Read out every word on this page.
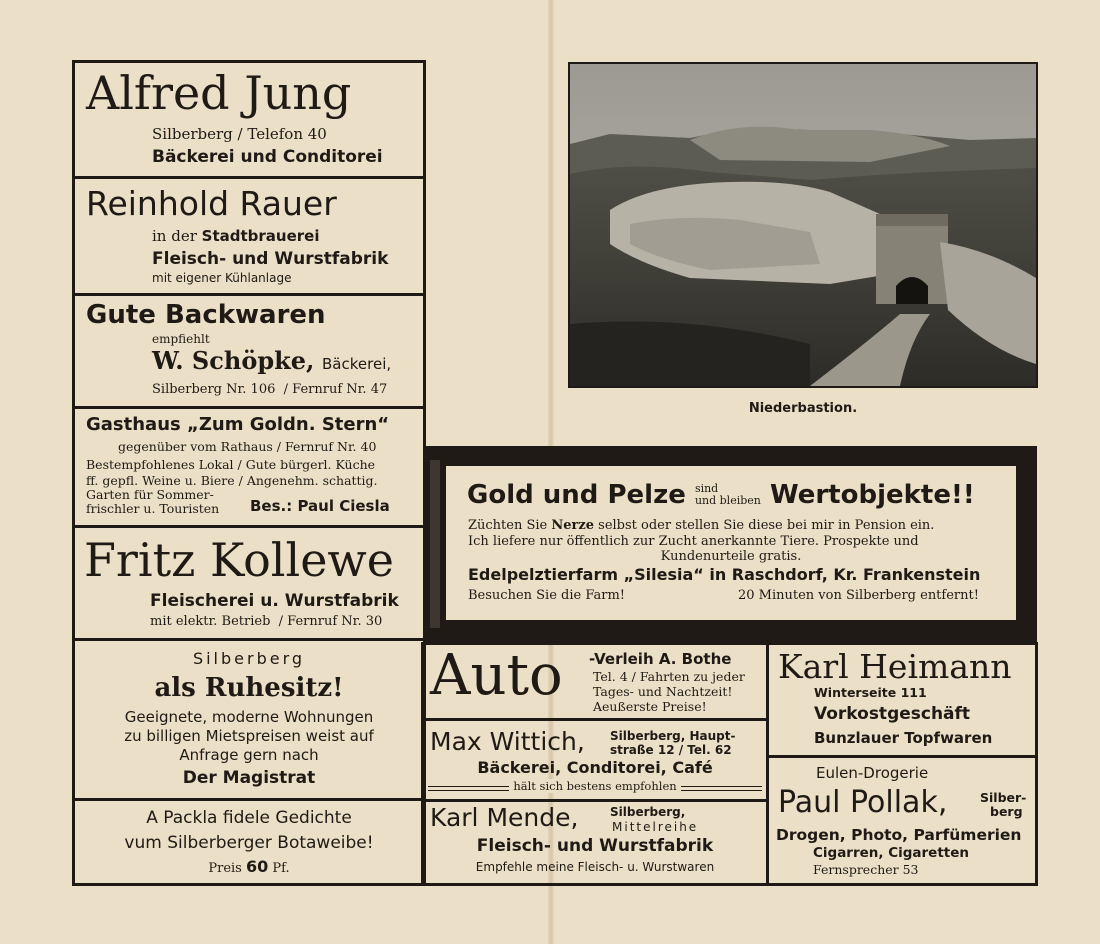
Alfred Jung
Silberberg / Telefon 40
Bäckerei und Conditorei
Reinhold Rauer
in der Stadtbrauerei
Fleisch- und Wurstfabrik
mit eigener Kühlanlage
Gute Backwaren
empfiehlt
W. Schöpke, Bäckerei,
Silberberg Nr. 106 / Fernruf Nr. 47
Gasthaus „Zum Goldn. Stern“
gegenüber vom Rathaus / Fernruf Nr. 40
Bestempfohlenes Lokal / Gute bürgerl. Küche
ff. gepfl. Weine u. Biere / Angenehm. schattig.
Garten für Sommer-
frischler u. Touristen Bes.: Paul Ciesla
Fritz Kollewe
Fleischerei u. Wurstfabrik
mit elektr. Betrieb / Fernruf Nr. 30
Silberberg
als Ruhesitz!
Geeignete, moderne Wohnungen
zu billigen Mietspreisen weist auf
Anfrage gern nach
Der Magistrat
A Packla fidele Gedichte
vum Silberberger Botaweibe!
Preis 60 Pf.
Niederbastion.
Gold und Pelze sind
und bleiben Wertobjekte!!
Züchten Sie Nerze selbst oder stellen Sie diese bei mir in Pension ein.
Ich liefere nur öffentlich zur Zucht anerkannte Tiere. Prospekte und
Kundenurteile gratis.
Edelpelztierfarm „Silesia“ in Raschdorf, Kr. Frankenstein
Besuchen Sie die Farm!	20 Minuten von Silberberg entfernt!
Auto -Verleih A. Bothe
Tel. 4 / Fahrten zu jeder
Tages- und Nachtzeit!
Aeußerste Preise!
Max Wittich, Silberberg, Haupt-
straße 12 / Tel. 62
Bäckerei, Conditorei, Café
hält sich bestens empfohlen
Karl Mende,	Silberberg,
Mittelreihe
Fleisch- und Wurstfabrik
Empfehle meine Fleisch- u. Wurstwaren
Karl Heimann
Winterseite 111
Vorkostgeschäft
Bunzlauer Topfwaren
Eulen-Drogerie
Paul Pollak,	Silber-
berg
Drogen, Photo, Parfümerien
Cigarren, Cigaretten
Fernsprecher 53
